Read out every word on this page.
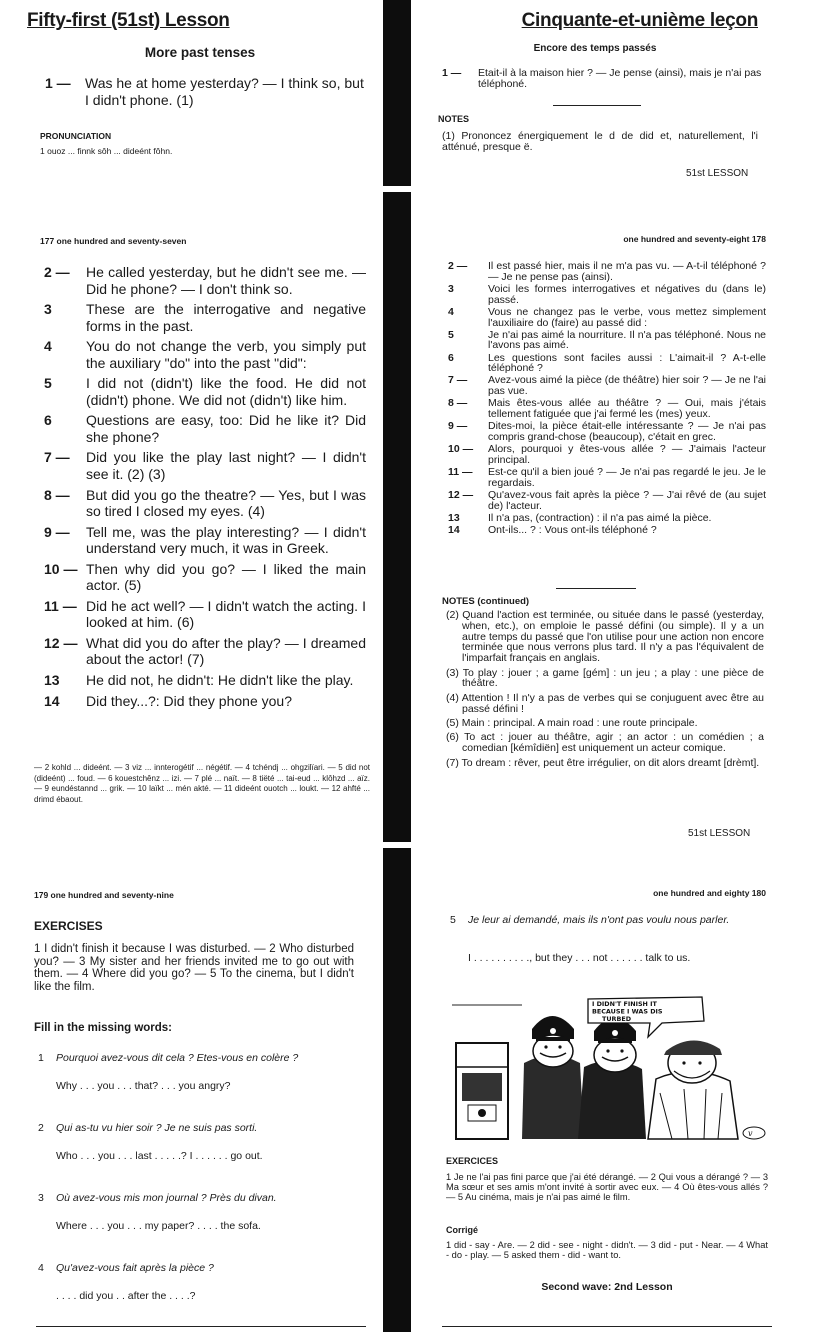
Fifty-first (51st) Lesson
More past tenses
1 —	Was he at home yesterday? — I think so, but I didn't phone. (1)
PRONUNCIATION
1 ouoz ... finnk sôh ... dideént fôhn.
Cinquante-et-unième leçon
Encore des temps passés
1 —	Etait-il à la maison hier ? — Je pense (ainsi), mais je n'ai pas téléphoné.
NOTES
(1) Prononcez énergiquement le d de did et, naturellement, l'i atténué, presque ë.
51st LESSON
177 one hundred and seventy-seven	one hundred and seventy-eight 178
2 —	He called yesterday, but he didn't see me. — Did he phone? — I don't think so.
3	These are the interrogative and negative forms in the past.
4	You do not change the verb, you simply put the auxiliary "do" into the past "did":
5	I did not (didn't) like the food. He did not (didn't) phone. We did not (didn't) like him.
6	Questions are easy, too: Did he like it? Did she phone?
7 —	Did you like the play last night? — I didn't see it. (2) (3)
8 —	But did you go the theatre? — Yes, but I was so tired I closed my eyes. (4)
9 —	Tell me, was the play interesting? — I didn't understand very much, it was in Greek.
10 — Then why did you go? — I liked the main actor. (5)
11 — Did he act well? — I didn't watch the acting. I looked at him. (6)
12 — What did you do after the play? — I dreamed about the actor! (7)
13	He did not, he didn't: He didn't like the play.
14	Did they...?: Did they phone you?
— 2 kohld ... dideént. — 3 viz ... innterogétif ... négétif. — 4 tchéndj ... ohgzilïari. — 5 did not (dideént) ... foud. — 6 kouestchênz ... izi. — 7 plé ... naït. — 8 tiëté ... tai-eud ... klôhzd ... aïz. — 9 eundéstannd ... grik. — 10 laïkt ... mén akté. — 11 dideént ouotch ... loukt. — 12 ahfté ... drimd ébaout.
2 —	Il est passé hier, mais il ne m'a pas vu. — A-t-il téléphoné ? — Je ne pense pas (ainsi).
3	Voici les formes interrogatives et négatives du (dans le) passé.
4	Vous ne changez pas le verbe, vous mettez simplement l'auxiliaire do (faire) au passé did :
5	Je n'ai pas aimé la nourriture. Il n'a pas téléphoné. Nous ne l'avons pas aimé.
6	Les questions sont faciles aussi : L'aimait-il ? A-t-elle téléphoné ?
7 —	Avez-vous aimé la pièce (de théâtre) hier soir ? — Je ne l'ai pas vue.
8 —	Mais êtes-vous allée au théâtre ? — Oui, mais j'étais tellement fatiguée que j'ai fermé les (mes) yeux.
9 —	Dites-moi, la pièce était-elle intéressante ? — Je n'ai pas compris grand-chose (beaucoup), c'était en grec.
10 —	Alors, pourquoi y êtes-vous allée ? — J'aimais l'acteur principal.
11 —	Est-ce qu'il a bien joué ? — Je n'ai pas regardé le jeu. Je le regardais.
12 —	Qu'avez-vous fait après la pièce ? — J'ai rêvé de (au sujet de) l'acteur.
13	Il n'a pas, (contraction) : il n'a pas aimé la pièce.
14	Ont-ils... ? : Vous ont-ils téléphoné ?
NOTES (continued)
(2) Quand l'action est terminée, ou située dans le passé (yesterday, when, etc.), on emploie le passé défini (ou simple). Il y a un autre temps du passé que l'on utilise pour une action non encore terminée que nous verrons plus tard. Il n'y a pas l'équivalent de l'imparfait français en anglais.
(3) To play : jouer ; a game [gém] : un jeu ; a play : une pièce de théâtre.
(4) Attention ! Il n'y a pas de verbes qui se conjuguent avec être au passé défini !
(5) Main : principal. A main road : une route principale.
(6) To act : jouer au théâtre, agir ; an actor : un comédien ; a comedian [kémîdiën] est uniquement un acteur comique.
(7) To dream : rêver, peut être irrégulier, on dit alors dreamt [drèmt].
51st LESSON
179 one hundred and seventy-nine	one hundred and eighty 180
EXERCISES
1 I didn't finish it because I was disturbed. — 2 Who disturbed you? — 3 My sister and her friends invited me to go out with them. — 4 Where did you go? — 5 To the cinema, but I didn't like the film.
Fill in the missing words:
1	Pourquoi avez-vous dit cela ? Etes-vous en colère ?
Why . . . you . . . that? . . . you angry?
2	Qui as-tu vu hier soir ? Je ne suis pas sorti.
Who . . . you . . . last . . . . .? I . . . . . . go out.
3	Où avez-vous mis mon journal ? Près du divan.
Where . . . you . . . my paper? . . . . the sofa.
4	Qu'avez-vous fait après la pièce ?
. . . . did you . . after the . . . .?
5	Je leur ai demandé, mais ils n'ont pas voulu nous parler.
I . . . . . . . . . ., but they . . . not . . . . . . talk to us.
I DIDN'T FINISH IT BECAUSE I WAS DIS TURBED
v
EXERCICES
1 Je ne l'ai pas fini parce que j'ai été dérangé. — 2 Qui vous a dérangé ? — 3 Ma sœur et ses amis m'ont invité à sortir avec eux. — 4 Où êtes-vous allés ? — 5 Au cinéma, mais je n'ai pas aimé le film.
Corrigé
1 did - say - Are. — 2 did - see - night - didn't. — 3 did - put - Near. — 4 What - do - play. — 5 asked them - did - want to.
Second wave: 2nd Lesson
